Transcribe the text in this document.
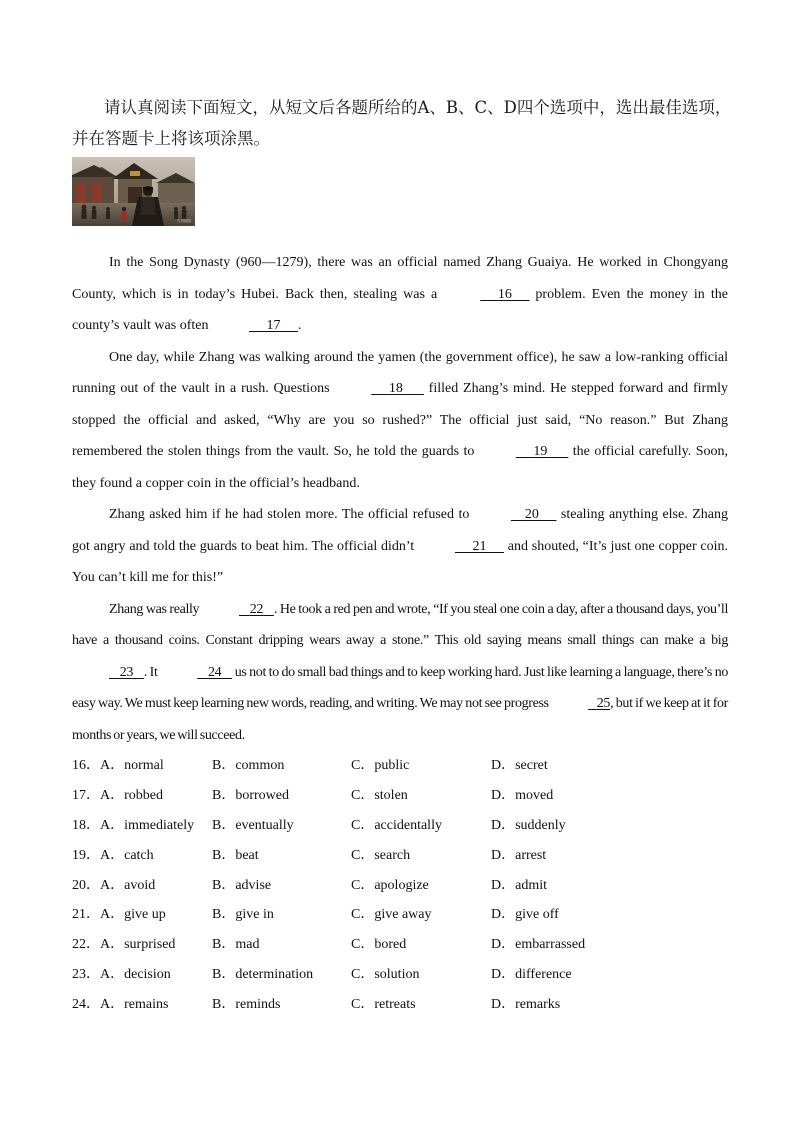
请认真阅读下面短文，从短文后各题所给的A、B、C、D四个选项中，选出最佳选项，并在答题卡上将该项涂黑。
古风插图

In the Song Dynasty (960—1279), there was an official named Zhang Guaiya. He worked in Chongyang County, which is in today’s Hubei. Back then, stealing was a	16      problem. Even the money in the county’s vault was often	17 .

One day, while Zhang was walking around the yamen (the government office), he saw a low-ranking official running out of the vault in a rush. Questions	18       filled Zhang’s mind. He stepped forward and firmly stopped the official and asked, “Why are you so rushed?” The official just said, “No reason.” But Zhang remembered the stolen things from the vault. So, he told the guards to	19       the official carefully. Soon, they found a copper coin in the official’s headband.

Zhang asked him if he had stolen more. The official refused to	20      stealing anything else. Zhang got angry and told the guards to beat him. The official didn’t	21      and shouted, “It’s just one copper coin. You can’t kill me for this!”

Zhang was really	22 . He took a red pen and wrote, “If you steal one coin a day, after a thousand days, you’ll have a thousand coins. Constant dripping wears away a stone.” This old saying means small things can make a big      23 . It	24      us not to do small bad things and to keep working hard. Just like learning a language, there’s no easy way. We must keep learning new words, reading, and writing. We may not see progress	25, but if we keep at it for months or years, we will succeed.

16． A．normal	B．common	C．public	D．secret
17． A．robbed	B．borrowed	C．stolen	D．moved
18． A．immediately B．eventually	C．accidentally	D．suddenly
19． A．catch	B．beat	C．search	D．arrest
20． A．avoid	B．advise	C．apologize	D．admit
21． A．give up	B．give in	C．give away	D．give off
22． A．surprised	B．mad	C．bored	D．embarrassed
23． A．decision	B．determination	C．solution	D．difference
24． A．remains	B．reminds	C．retreats	D．remarks
